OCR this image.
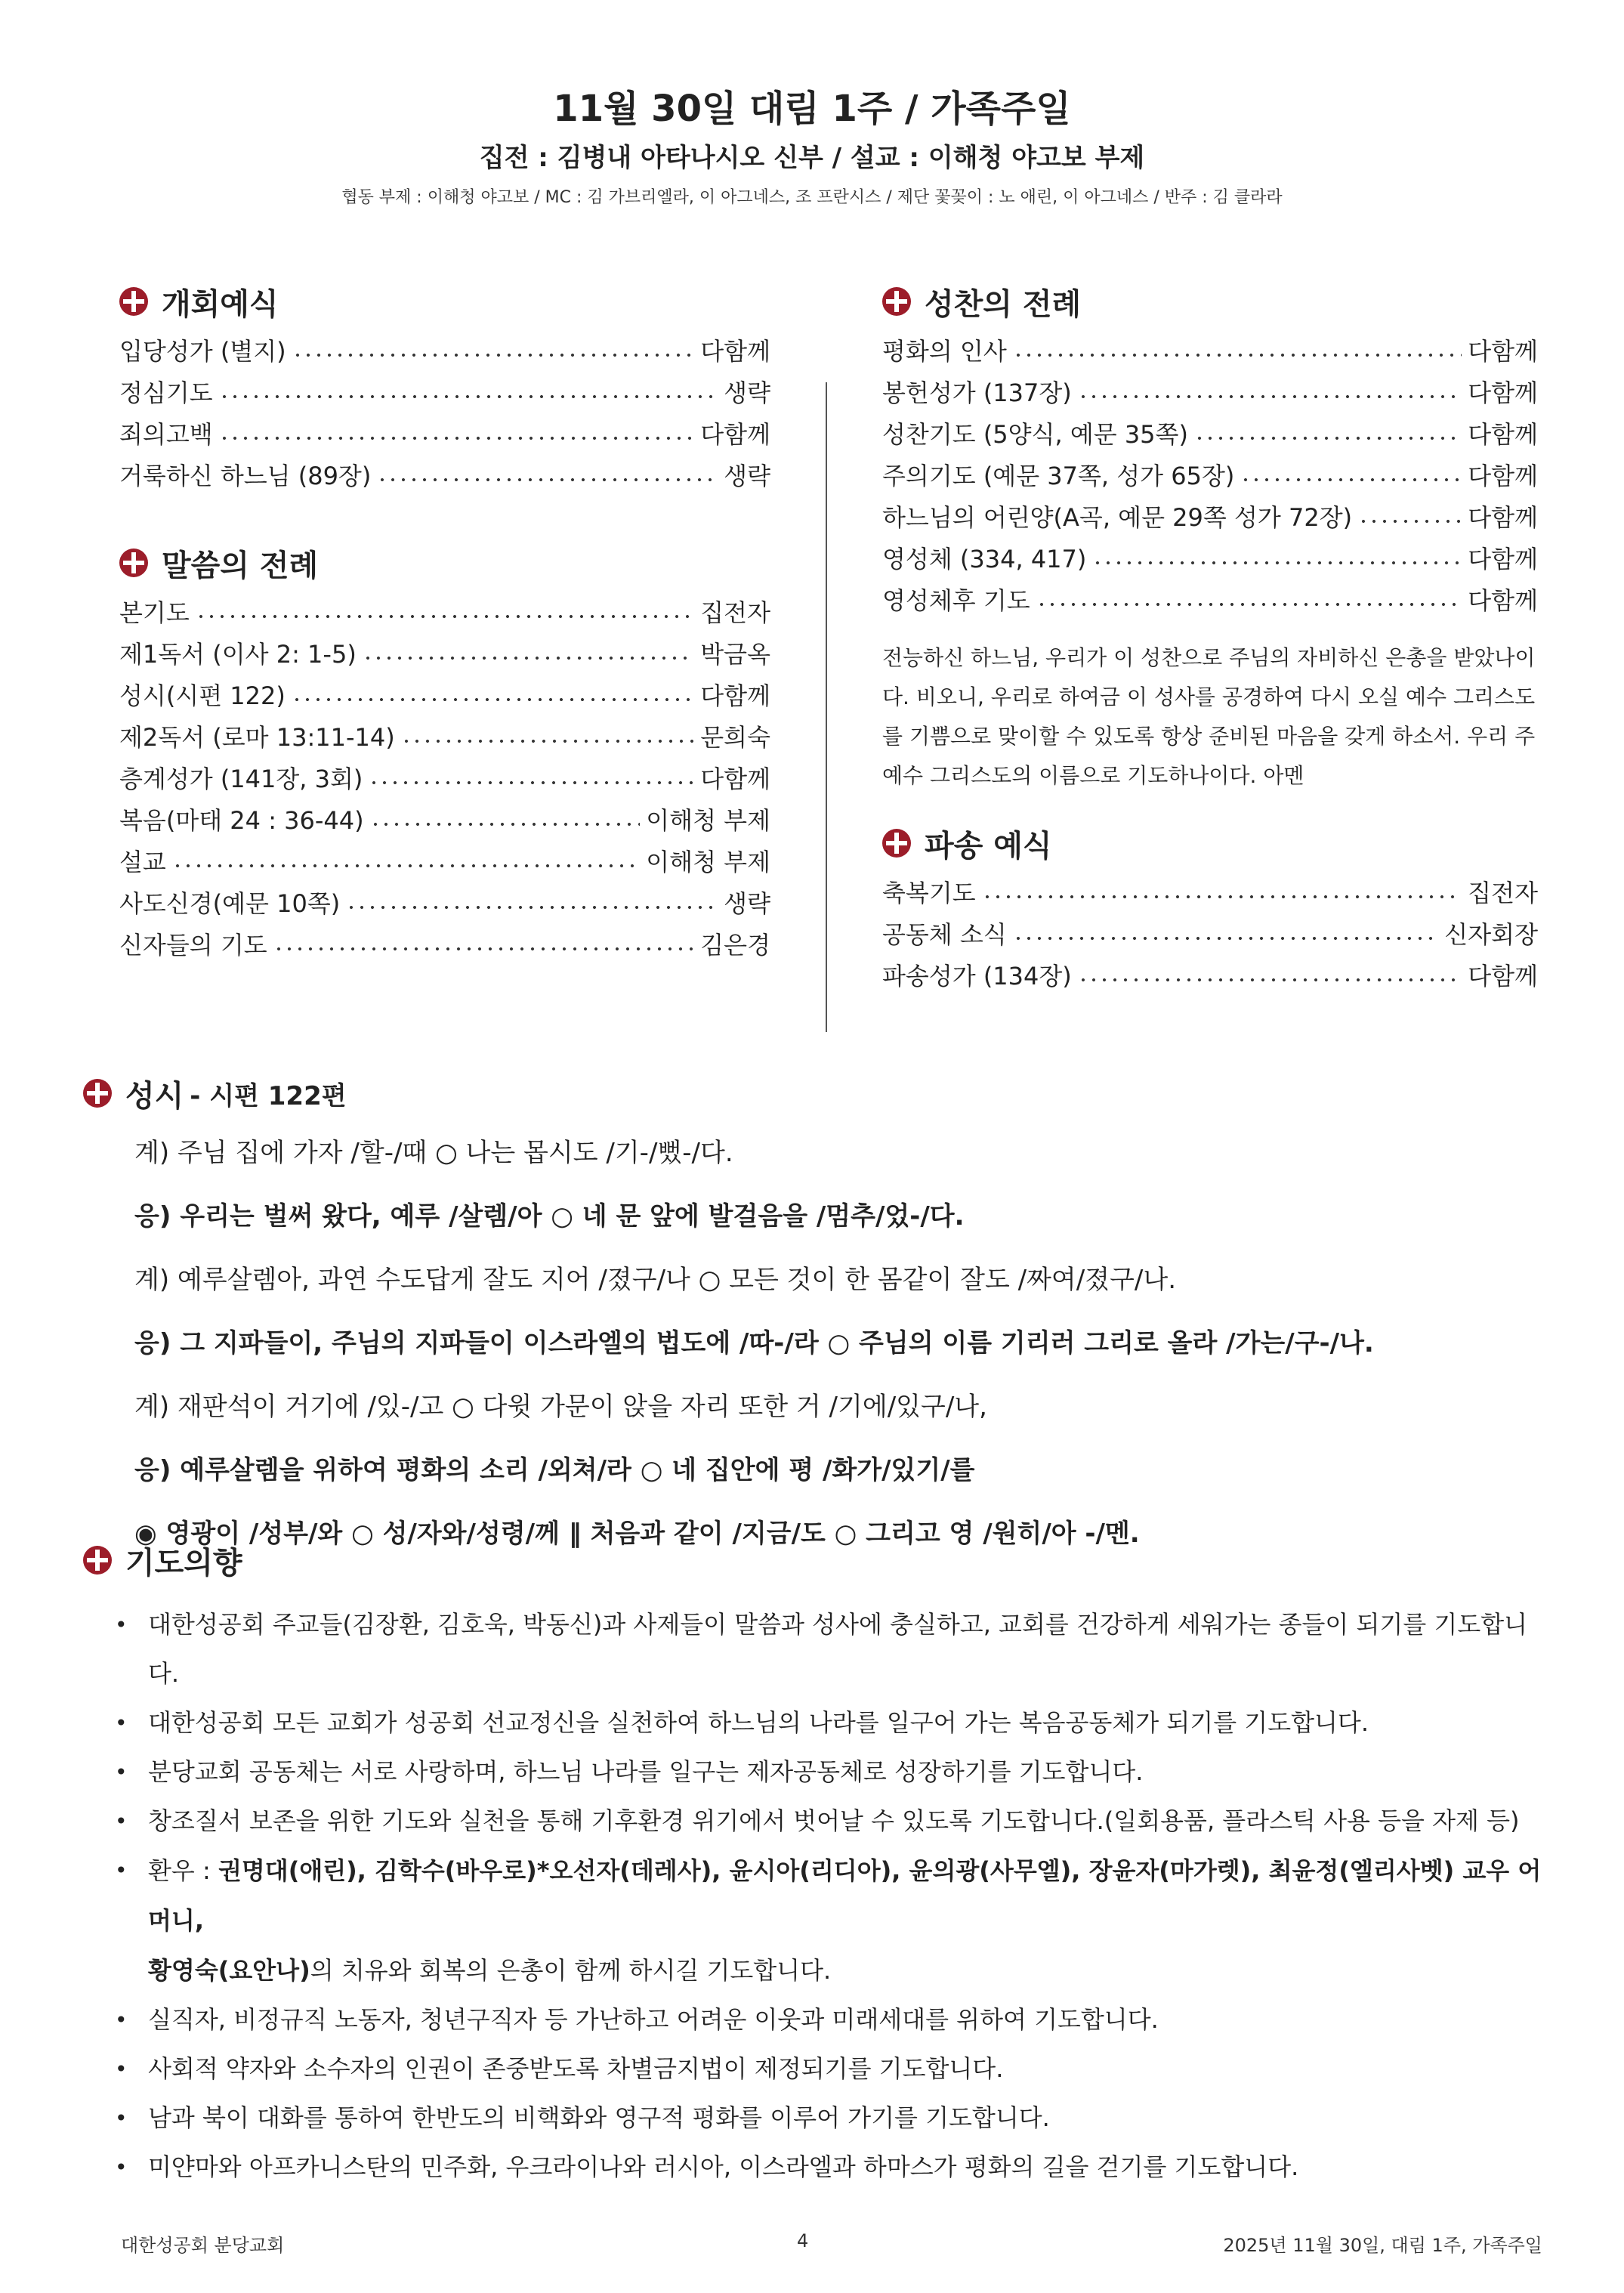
11월 30일 대림 1주 / 가족주일
집전 : 김병내 아타나시오 신부 / 설교 : 이해청 야고보 부제
협동 부제 : 이해청 야고보 / MC : 김 가브리엘라, 이 아그네스, 조 프란시스 / 제단 꽃꽂이 : 노 애린, 이 아그네스 / 반주 : 김 클라라
개회예식
입당성가 (별지)	다함께
정심기도	생략
죄의고백	다함께
거룩하신 하느님 (89장)	생략
말씀의 전례
본기도	집전자
제1독서 (이사 2: 1-5)	박금옥
성시(시편 122)	다함께
제2독서 (로마 13:11-14)	문희숙
층계성가 (141장, 3회)	다함께
복음(마태 24 : 36-44)	이해청 부제
설교	이해청 부제
사도신경(예문 10쪽)	생략
신자들의 기도	김은경
성찬의 전례
평화의 인사	다함께
봉헌성가 (137장)	다함께
성찬기도 (5양식, 예문 35쪽)	다함께
주의기도 (예문 37쪽, 성가 65장)	다함께
하느님의 어린양(A곡, 예문 29쪽 성가 72장)	다함께
영성체 (334, 417)	다함께
영성체후 기도	다함께
전능하신 하느님, 우리가 이 성찬으로 주님의 자비하신 은총을 받았나이다. 비오니, 우리로 하여금 이 성사를 공경하여 다시 오실 예수 그리스도를 기쁨으로 맞이할 수 있도록 항상 준비된 마음을 갖게 하소서. 우리 주 예수 그리스도의 이름으로 기도하나이다. 아멘
파송 예식
축복기도	집전자
공동체 소식	신자회장
파송성가 (134장)	다함께
성시 - 시편 122편
계) 주님 집에 가자 /할-/때 ○ 나는 몹시도 /기-/뻤-/다.
응) 우리는 벌써 왔다, 예루 /살렘/아 ○ 네 문 앞에 발걸음을 /멈추/었-/다.
계) 예루살렘아, 과연 수도답게 잘도 지어 /졌구/나 ○ 모든 것이 한 몸같이 잘도 /짜여/졌구/나.
응) 그 지파들이, 주님의 지파들이 이스라엘의 법도에 /따-/라 ○ 주님의 이름 기리러 그리로 올라 /가는/구-/나.
계) 재판석이 거기에 /있-/고 ○ 다윗 가문이 앉을 자리 또한 거 /기에/있구/나,
응) 예루살렘을 위하여 평화의 소리 /외쳐/라 ○ 네 집안에 평 /화가/있기/를
◉ 영광이 /성부/와 ○ 성/자와/성령/께 ‖ 처음과 같이 /지금/도 ○ 그리고 영 /원히/아 -/멘.
기도의향
• 대한성공회 주교들(김장환, 김호욱, 박동신)과 사제들이 말씀과 성사에 충실하고, 교회를 건강하게 세워가는 종들이 되기를 기도합니다.
• 대한성공회 모든 교회가 성공회 선교정신을 실천하여 하느님의 나라를 일구어 가는 복음공동체가 되기를 기도합니다.
• 분당교회 공동체는 서로 사랑하며, 하느님 나라를 일구는 제자공동체로 성장하기를 기도합니다.
• 창조질서 보존을 위한 기도와 실천을 통해 기후환경 위기에서 벗어날 수 있도록 기도합니다.(일회용품, 플라스틱 사용 등을 자제 등)
• 환우 : 권명대(애린), 김학수(바우로)*오선자(데레사), 윤시아(리디아), 윤의광(사무엘), 장윤자(마가렛), 최윤정(엘리사벳) 교우 어머니,
황영숙(요안나)의 치유와 회복의 은총이 함께 하시길 기도합니다.
• 실직자, 비정규직 노동자, 청년구직자 등 가난하고 어려운 이웃과 미래세대를 위하여 기도합니다.
• 사회적 약자와 소수자의 인권이 존중받도록 차별금지법이 제정되기를 기도합니다.
• 남과 북이 대화를 통하여 한반도의 비핵화와 영구적 평화를 이루어 가기를 기도합니다.
• 미얀마와 아프카니스탄의 민주화, 우크라이나와 러시아, 이스라엘과 하마스가 평화의 길을 걷기를 기도합니다.
대한성공회 분당교회	4	2025년 11월 30일, 대림 1주, 가족주일
